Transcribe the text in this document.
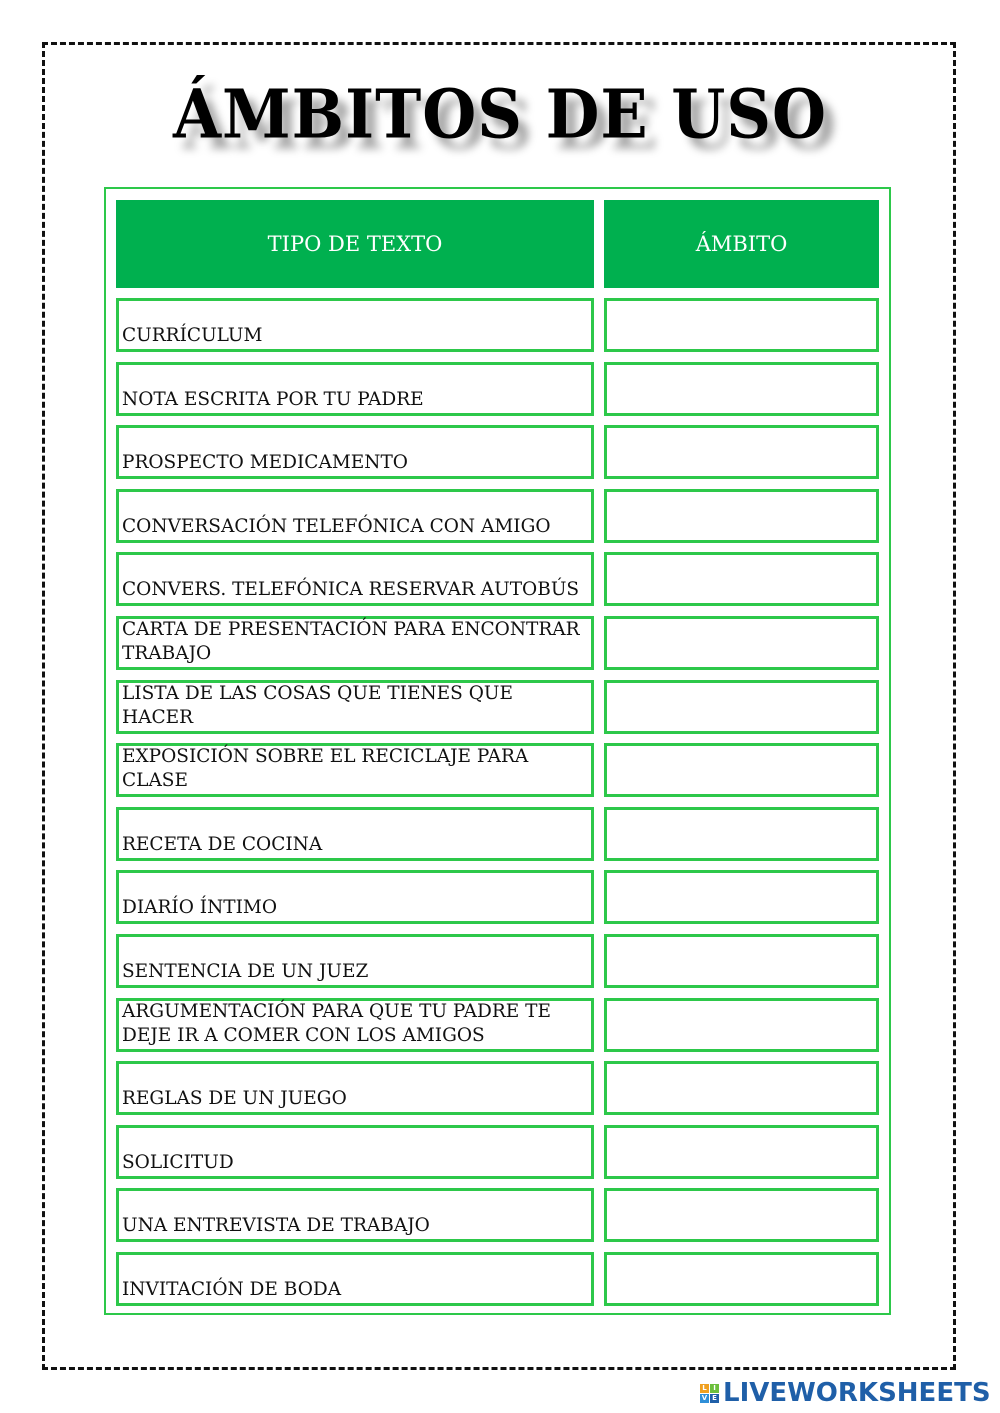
ÁMBITOS DE USO
TIPO DE TEXTO	ÁMBITO
CURRÍCULUM
NOTA ESCRITA POR TU PADRE
PROSPECTO MEDICAMENTO
CONVERSACIÓN TELEFÓNICA CON AMIGO
CONVERS. TELEFÓNICA RESERVAR AUTOBÚS
CARTA DE PRESENTACIÓN PARA ENCONTRAR
TRABAJO
LISTA DE LAS COSAS QUE TIENES QUE HACER
EXPOSICIÓN SOBRE EL RECICLAJE PARA CLASE
RECETA DE COCINA
DIARÍO ÍNTIMO
SENTENCIA DE UN JUEZ
ARGUMENTACIÓN PARA QUE TU PADRE TE
DEJE IR A COMER CON LOS AMIGOS
REGLAS DE UN JUEGO
SOLICITUD
UNA ENTREVISTA DE TRABAJO
INVITACIÓN DE BODA
L I
V E LIVEWORKSHEETS
